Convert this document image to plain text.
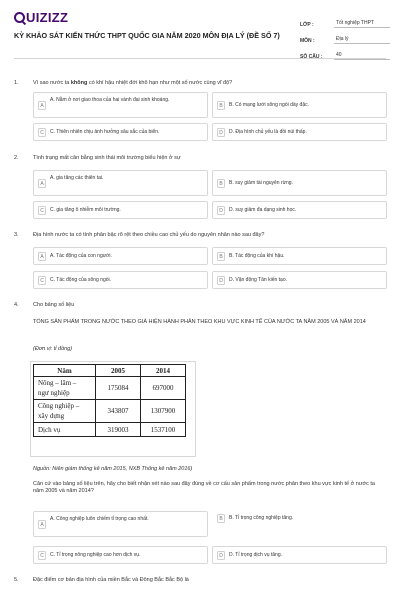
UIZIZZ
KỲ KHẢO SÁT KIẾN THỨC THPT QUỐC GIA NĂM 2020 MÔN ĐỊA LÝ (ĐỀ SỐ 7)
LỚP :	Tốt nghiệp THPT
MÔN :	Địa lý
SỐ CÂU :	40
1.	Vì sao nước ta không có khí hậu nhiệt đới khô hạn như một số nước cùng vĩ độ?
A
A. Nằm ở nơi giao thoa của hai vành đai sinh khoáng.
B	B. Có mạng lưới sông ngòi dày đặc.
C	C. Thiên nhiên chịu ảnh hưởng sâu sắc của biển.	D	D. Địa hình chủ yếu là đồi núi thấp.
2.	Tình trạng mất cân bằng sinh thái môi trường biểu hiện ở sự
A
A. gia tăng các thiên tai.
B	B. suy giảm tài nguyên rừng.
C	C. gia tăng ô nhiễm môi trường.	D	D. suy giảm đa dạng sinh học.
3.	Địa hình nước ta có tính phân bậc rõ rệt theo chiều cao chủ yếu do nguyên nhân nào sau đây?
A	A. Tác động của con người.	B	B. Tác động của khí hậu.
C	C. Tác động của sông ngòi.	D	D. Vận động Tân kiến tạo.
4.	Cho bảng số liệu
TỔNG SẢN PHẨM TRONG NƯỚC THEO GIÁ HIỆN HÀNH PHÂN THEO KHU VỰC KINH TẾ CỦA NƯỚC TA NĂM 2005 VÀ NĂM 2014
(Đơn vị: tỉ đồng)
Năm	2005	2014
Nông – lâm –
ngư nghiệp	175084	697000
Công nghiệp –
xây dựng	343807	1307900
Dịch vụ	319003	1537100
Nguồn: Niên giám thống kê năm 2015, NXB Thống kê năm 2016)
Căn cứ vào bảng số liệu trên, hãy cho biết nhận xét nào sau đây đúng về cơ cấu sản phẩm trong nước phân theo khu vực kinh tế ở nước ta năm 2005 và năm 2014?
A
A. Công nghiệp luôn chiếm tỉ trọng cao nhất.	B	B. Tỉ trọng công nghiệp tăng.
C	C. Tỉ trọng nông nghiệp cao hơn dịch vụ.	D	D. Tỉ trọng dịch vụ tăng.
5.	Đặc điểm cơ bản địa hình của miền Bắc và Đông Bắc Bắc Bộ là
